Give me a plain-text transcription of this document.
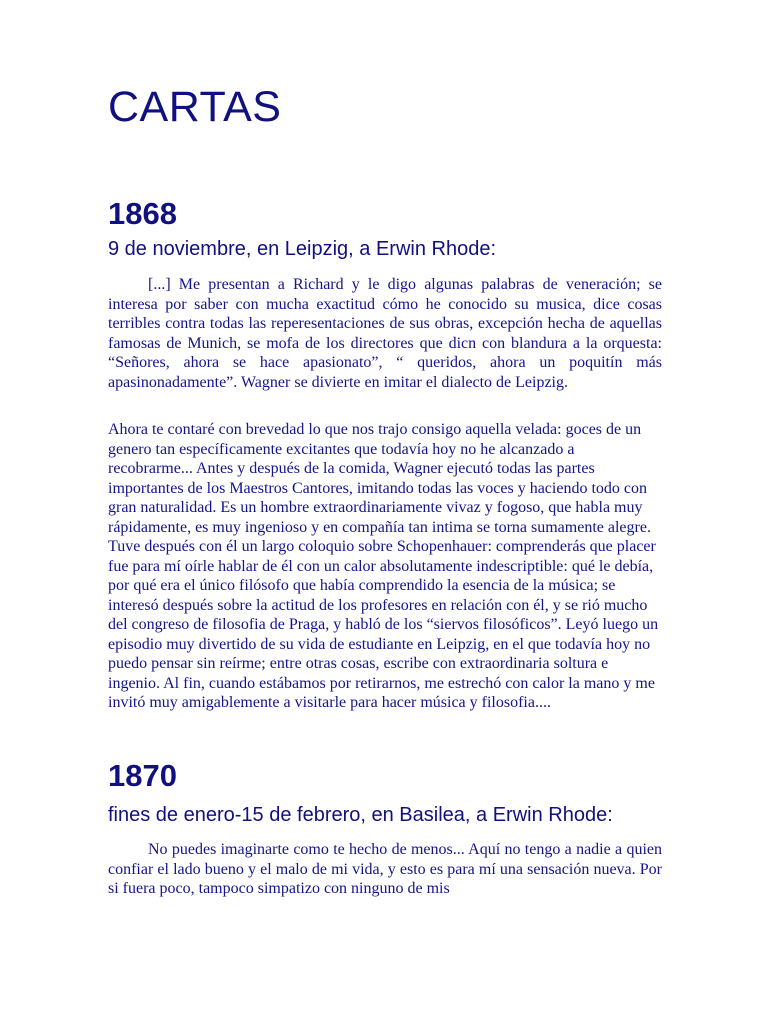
CARTAS
1868
9 de noviembre, en Leipzig, a Erwin Rhode:

[...] Me presentan a Richard y le digo algunas palabras de veneración; se interesa por saber con mucha exactitud cómo he conocido su musica, dice cosas terribles contra todas las reperesentaciones de sus obras, excepción hecha de aquellas famosas de Munich, se mofa de los directores que dicn con blandura a la orquesta: “Señores, ahora se hace apasionato”, “ queridos, ahora un poquitín más apasinonadamente”. Wagner se divierte en imitar el dialecto de Leipzig.

Ahora te contaré con brevedad lo que nos trajo consigo aquella velada: goces de un genero tan específicamente excitantes que todavía hoy no he alcanzado a recobrarme... Antes y después de la comida, Wagner ejecutó todas las partes importantes de los Maestros Cantores, imitando todas las voces y haciendo todo con gran naturalidad. Es un hombre extraordinariamente vivaz y fogoso, que habla muy rápidamente, es muy ingenioso y en compañía tan intima se torna sumamente alegre. Tuve después con él un largo coloquio sobre Schopenhauer: comprenderás que placer fue para mí oírle hablar de él con un calor absolutamente indescriptible: qué le debía, por qué era el único filósofo que había comprendido la esencia de la música; se interesó después sobre la actitud de los profesores en relación con él, y se rió mucho del congreso de filosofia de Praga, y habló de los “siervos filosóficos”. Leyó luego un episodio muy divertido de su vida de estudiante en Leipzig, en el que todavía hoy no puedo pensar sin reírme; entre otras cosas, escribe con extraordinaria soltura e ingenio. Al fin, cuando estábamos por retirarnos, me estrechó con calor la mano y me invitó muy amigablemente a visitarle para hacer música y filosofia....

1870
fines de enero-15 de febrero, en Basilea, a Erwin Rhode:

No puedes imaginarte como te hecho de menos... Aquí no tengo a nadie a quien confiar el lado bueno y el malo de mi vida, y esto es para mí una sensación nueva. Por si fuera poco, tampoco simpatizo con ninguno de mis
